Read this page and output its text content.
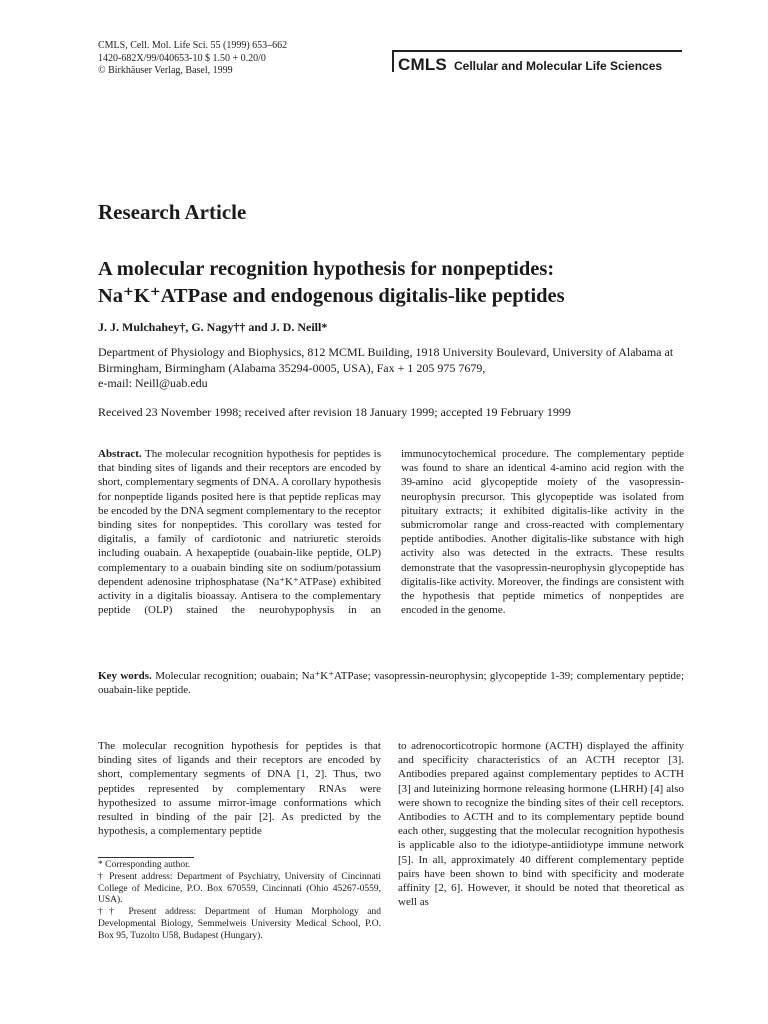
CMLS, Cell. Mol. Life Sci. 55 (1999) 653–662
1420-682X/99/040653-10 $ 1.50 + 0.20/0
© Birkhäuser Verlag, Basel, 1999	CMLS Cellular and Molecular Life Sciences
Research Article
A molecular recognition hypothesis for nonpeptides:
Na⁺K⁺ATPase and endogenous digitalis-like peptides
J. J. Mulchahey†, G. Nagy†† and J. D. Neill*
Department of Physiology and Biophysics, 812 MCML Building, 1918 University Boulevard, University of Alabama at Birmingham, Birmingham (Alabama 35294-0005, USA), Fax + 1 205 975 7679,
e-mail: Neill@uab.edu
Received 23 November 1998; received after revision 18 January 1999; accepted 19 February 1999
Abstract. The molecular recognition hypothesis for peptides is that binding sites of ligands and their receptors are encoded by short, complementary segments of DNA. A corollary hypothesis for nonpeptide ligands posited here is that peptide replicas may be encoded by the DNA segment complementary to the receptor binding sites for nonpeptides. This corollary was tested for digitalis, a family of cardiotonic and natriuretic steroids including ouabain. A hexapeptide (ouabain-like peptide, OLP) complementary to a ouabain binding site on sodium/potassium dependent adenosine triphosphatase (Na⁺K⁺ATPase) exhibited activity in a digitalis bioassay. Antisera to the complementary peptide (OLP) stained the neurohypophysis in an immunocytochemical procedure. The complementary peptide was found to share an identical 4-amino acid region with the 39-amino acid glycopeptide moiety of the vasopressin-neurophysin precursor. This glycopeptide was isolated from pituitary extracts; it exhibited digitalis-like activity in the submicromolar range and cross-reacted with complementary peptide antibodies. Another digitalis-like substance with high activity also was detected in the extracts. These results demonstrate that the vasopressin-neurophysin glycopeptide has digitalis-like activity. Moreover, the findings are consistent with the hypothesis that peptide mimetics of nonpeptides are encoded in the genome.
Key words. Molecular recognition; ouabain; Na⁺K⁺ATPase; vasopressin-neurophysin; glycopeptide 1-39; complementary peptide; ouabain-like peptide.
The molecular recognition hypothesis for peptides is that binding sites of ligands and their receptors are encoded by short, complementary segments of DNA [1, 2]. Thus, two peptides represented by complementary RNAs were hypothesized to assume mirror-image conformations which resulted in binding of the pair [2]. As predicted by the hypothesis, a complementary peptide

* Corresponding author.

† Present address: Department of Psychiatry, University of Cincinnati College of Medicine, P.O. Box 670559, Cincinnati (Ohio 45267-0559, USA).

†† Present address: Department of Human Morphology and Developmental Biology, Semmelweis University Medical School, P.O. Box 95, Tuzolto U58, Budapest (Hungary).

to adrenocorticotropic hormone (ACTH) displayed the affinity and specificity characteristics of an ACTH receptor [3]. Antibodies prepared against complementary peptides to ACTH [3] and luteinizing hormone releasing hormone (LHRH) [4] also were shown to recognize the binding sites of their cell receptors. Antibodies to ACTH and to its complementary peptide bound each other, suggesting that the molecular recognition hypothesis is applicable also to the idiotype-antiidiotype immune network [5]. In all, approximately 40 different complementary peptide pairs have been shown to bind with specificity and moderate affinity [2, 6]. However, it should be noted that theoretical as well as
